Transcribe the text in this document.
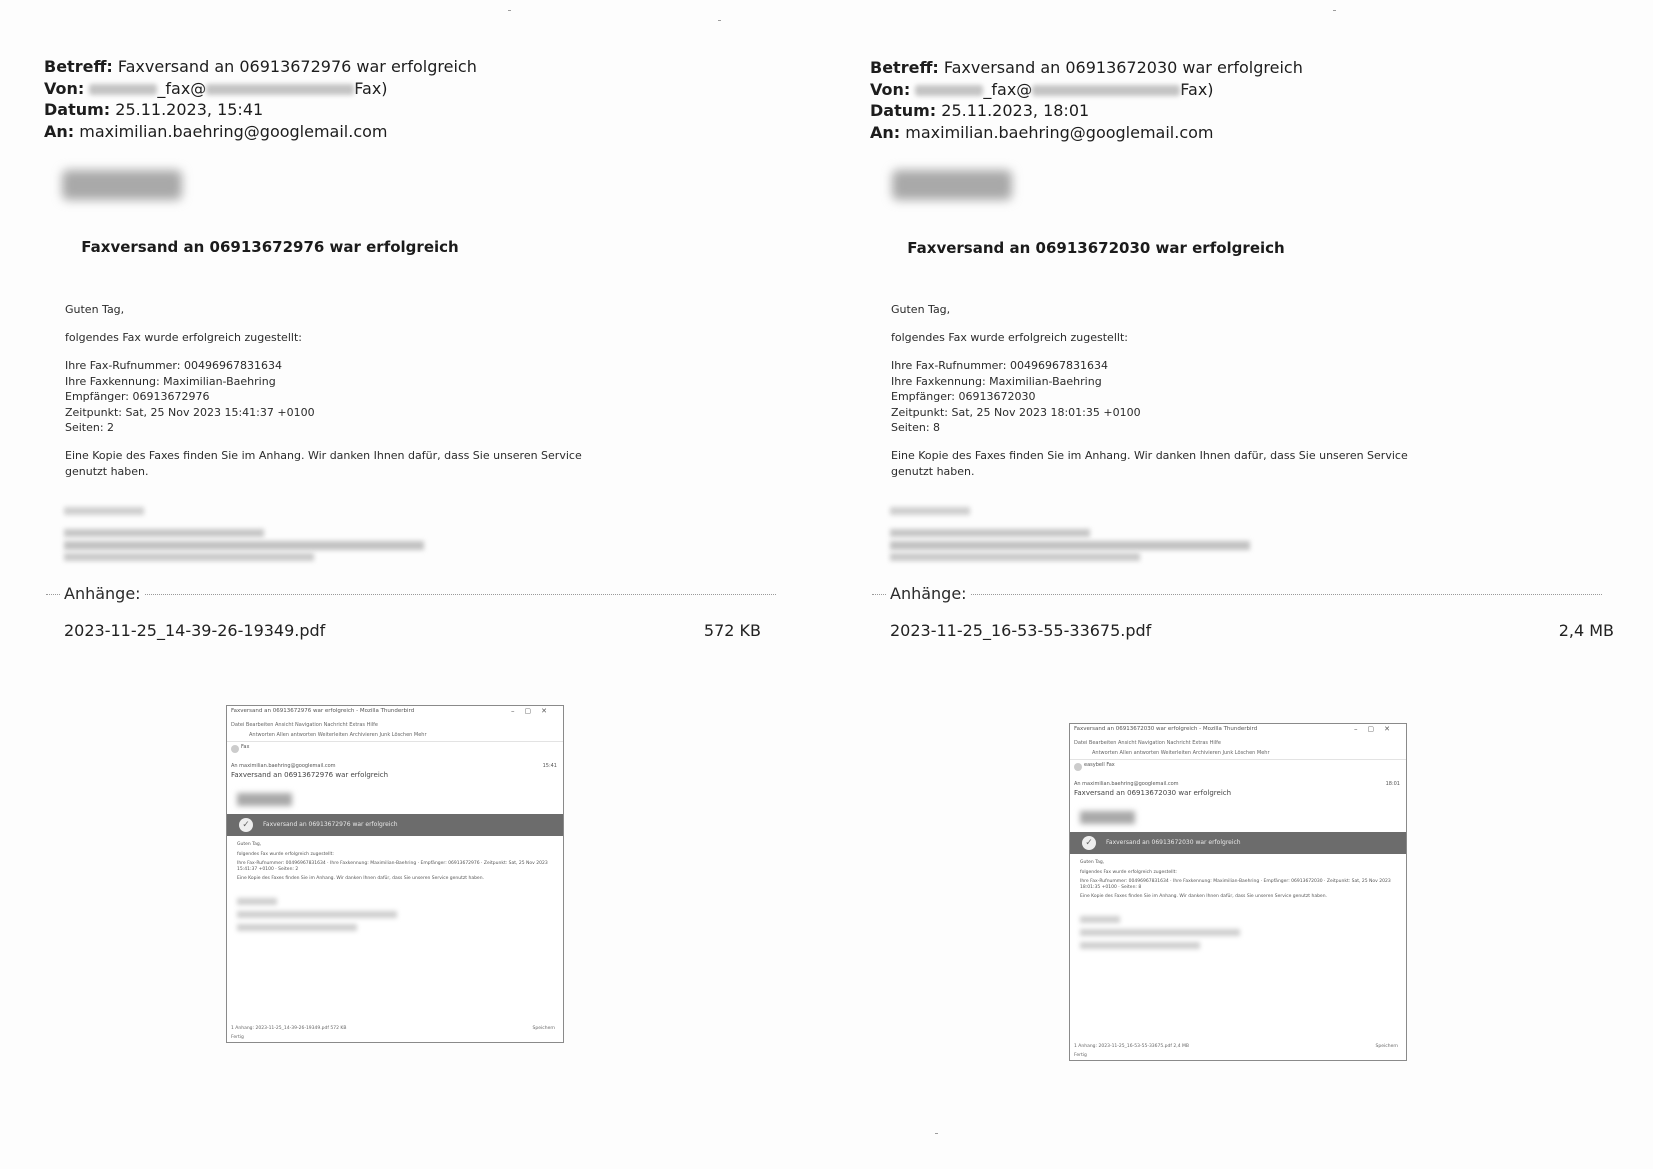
Betreff: Faxversand an 06913672976 war erfolgreich
Von:	_fax@	Fax)
Datum: 25.11.2023, 15:41
An: maximilian.baehring@googlemail.com
Faxversand an 06913672976 war erfolgreich

Guten Tag,

folgendes Fax wurde erfolgreich zugestellt:

Ihre Fax-Rufnummer: 00496967831634
Ihre Faxkennung: Maximilian-Baehring
Empfänger: 06913672976
Zeitpunkt: Sat, 25 Nov 2023 15:41:37 +0100
Seiten: 2

Eine Kopie des Faxes finden Sie im Anhang. Wir danken Ihnen dafür, dass Sie unseren Service genutzt haben.

Anhänge:
2023-11-25_14-39-26-19349.pdf	572 KB
Faxversand an 06913672976 war erfolgreich - Mozilla Thunderbird	–▢✕
Datei Bearbeiten Ansicht Navigation Nachricht Extras Hilfe
Antworten Allen antworten Weiterleiten Archivieren Junk Löschen Mehr
Fax
An maximilian.baehring@googlemail.com	15:41
Faxversand an 06913672976 war erfolgreich
✓	Faxversand an 06913672976 war erfolgreich

Guten Tag,

folgendes Fax wurde erfolgreich zugestellt:

Ihre Fax-Rufnummer: 00496967831634 · Ihre Faxkennung: Maximilian-Baehring · Empfänger: 06913672976 · Zeitpunkt: Sat, 25 Nov 2023 15:41:37 +0100 · Seiten: 2

Eine Kopie des Faxes finden Sie im Anhang. Wir danken Ihnen dafür, dass Sie unseren Service genutzt haben.

1 Anhang: 2023-11-25_14-39-26-19349.pdf 572 KB	Speichern
Fertig
Betreff: Faxversand an 06913672030 war erfolgreich
Von:	_fax@	Fax)
Datum: 25.11.2023, 18:01
An: maximilian.baehring@googlemail.com
Faxversand an 06913672030 war erfolgreich

Guten Tag,

folgendes Fax wurde erfolgreich zugestellt:

Ihre Fax-Rufnummer: 00496967831634
Ihre Faxkennung: Maximilian-Baehring
Empfänger: 06913672030
Zeitpunkt: Sat, 25 Nov 2023 18:01:35 +0100
Seiten: 8

Eine Kopie des Faxes finden Sie im Anhang. Wir danken Ihnen dafür, dass Sie unseren Service genutzt haben.

Anhänge:
2023-11-25_16-53-55-33675.pdf	2,4 MB
Faxversand an 06913672030 war erfolgreich - Mozilla Thunderbird	–▢✕
Datei Bearbeiten Ansicht Navigation Nachricht Extras Hilfe
Antworten Allen antworten Weiterleiten Archivieren Junk Löschen Mehr
easybell Fax
An maximilian.baehring@googlemail.com	18:01
Faxversand an 06913672030 war erfolgreich
✓	Faxversand an 06913672030 war erfolgreich

Guten Tag,

folgendes Fax wurde erfolgreich zugestellt:

Ihre Fax-Rufnummer: 00496967831634 · Ihre Faxkennung: Maximilian-Baehring · Empfänger: 06913672030 · Zeitpunkt: Sat, 25 Nov 2023 18:01:35 +0100 · Seiten: 8

Eine Kopie des Faxes finden Sie im Anhang. Wir danken Ihnen dafür, dass Sie unseren Service genutzt haben.

1 Anhang: 2023-11-25_16-53-55-33675.pdf 2,4 MB	Speichern
Fertig
